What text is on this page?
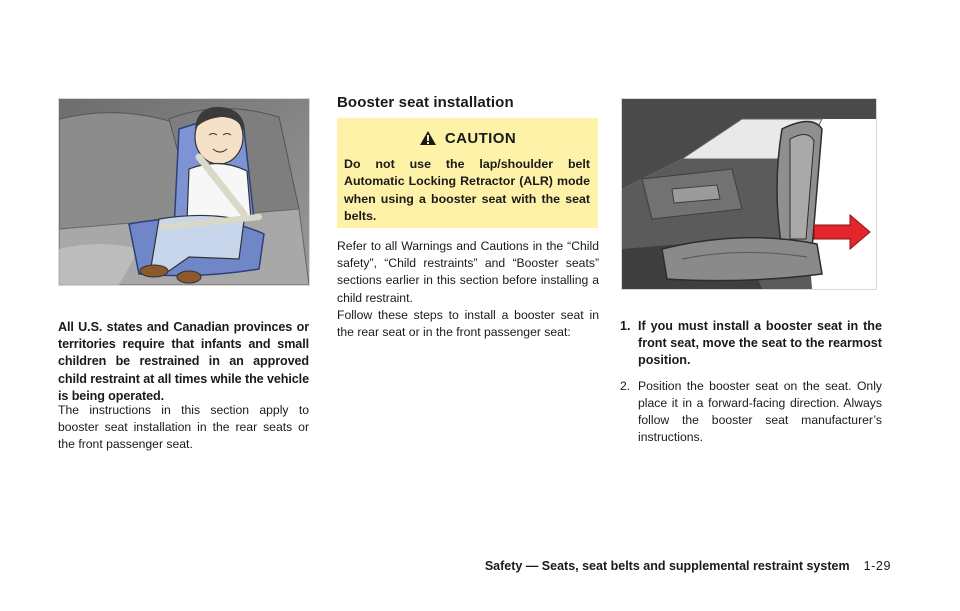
All U.S. states and Canadian provinces or territories require that infants and small children be restrained in an approved child restraint at all times while the vehicle is being operated.

The instructions in this section apply to booster seat installation in the rear seats or the front passenger seat.

Booster seat installation
CAUTION

Do not use the lap/shoulder belt Automatic Locking Retractor (ALR) mode when using a booster seat with the seat belts.

Refer to all Warnings and Cautions in the “Child safety”, “Child restraints” and “Booster seats” sections earlier in this section before installing a child restraint.

Follow these steps to install a booster seat in the rear seat or in the front passenger seat:	1. If you must install a booster seat in the front seat, move the seat to the rearmost position.
2. Position the booster seat on the seat. Only place it in a forward-facing direction. Always follow the booster seat manufacturer’s instructions.
Safety — Seats, seat belts and supplemental restraint system 1-29
